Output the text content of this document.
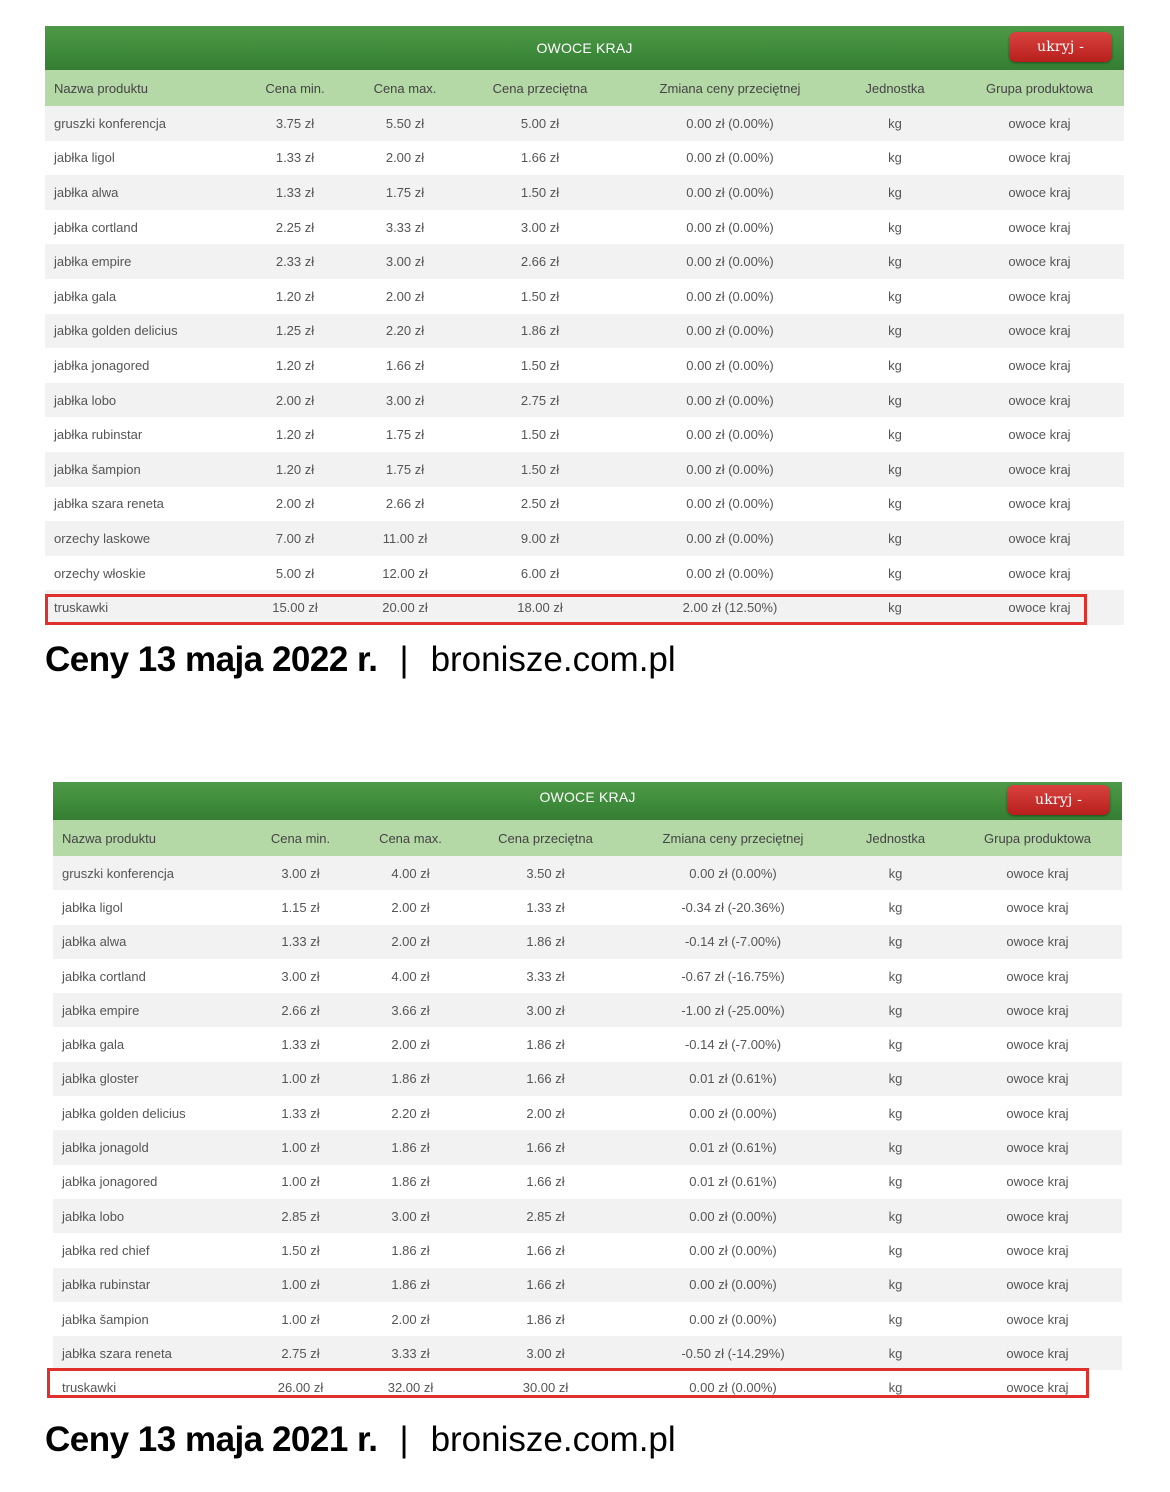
OWOCE KRAJ	ukryj -
Nazwa produktu	Cena min.	Cena max.	Cena przeciętna	Zmiana ceny przeciętnej	Jednostka	Grupa produktowa
gruszki konferencja	3.75 zł	5.50 zł	5.00 zł	0.00 zł (0.00%)	kg	owoce kraj
jabłka ligol	1.33 zł	2.00 zł	1.66 zł	0.00 zł (0.00%)	kg	owoce kraj
jabłka alwa	1.33 zł	1.75 zł	1.50 zł	0.00 zł (0.00%)	kg	owoce kraj
jabłka cortland	2.25 zł	3.33 zł	3.00 zł	0.00 zł (0.00%)	kg	owoce kraj
jabłka empire	2.33 zł	3.00 zł	2.66 zł	0.00 zł (0.00%)	kg	owoce kraj
jabłka gala	1.20 zł	2.00 zł	1.50 zł	0.00 zł (0.00%)	kg	owoce kraj
jabłka golden delicius	1.25 zł	2.20 zł	1.86 zł	0.00 zł (0.00%)	kg	owoce kraj
jabłka jonagored	1.20 zł	1.66 zł	1.50 zł	0.00 zł (0.00%)	kg	owoce kraj
jabłka lobo	2.00 zł	3.00 zł	2.75 zł	0.00 zł (0.00%)	kg	owoce kraj
jabłka rubinstar	1.20 zł	1.75 zł	1.50 zł	0.00 zł (0.00%)	kg	owoce kraj
jabłka šampion	1.20 zł	1.75 zł	1.50 zł	0.00 zł (0.00%)	kg	owoce kraj
jabłka szara reneta	2.00 zł	2.66 zł	2.50 zł	0.00 zł (0.00%)	kg	owoce kraj
orzechy laskowe	7.00 zł	11.00 zł	9.00 zł	0.00 zł (0.00%)	kg	owoce kraj
orzechy włoskie	5.00 zł	12.00 zł	6.00 zł	0.00 zł (0.00%)	kg	owoce kraj
truskawki	15.00 zł	20.00 zł	18.00 zł	2.00 zł (12.50%)	kg	owoce kraj
Ceny 13 maja 2022 r. | bronisze.com.pl
OWOCE KRAJ	ukryj -
Nazwa produktu	Cena min.	Cena max.	Cena przeciętna	Zmiana ceny przeciętnej	Jednostka	Grupa produktowa
gruszki konferencja	3.00 zł	4.00 zł	3.50 zł	0.00 zł (0.00%)	kg	owoce kraj
jabłka ligol	1.15 zł	2.00 zł	1.33 zł	-0.34 zł (-20.36%)	kg	owoce kraj
jabłka alwa	1.33 zł	2.00 zł	1.86 zł	-0.14 zł (-7.00%)	kg	owoce kraj
jabłka cortland	3.00 zł	4.00 zł	3.33 zł	-0.67 zł (-16.75%)	kg	owoce kraj
jabłka empire	2.66 zł	3.66 zł	3.00 zł	-1.00 zł (-25.00%)	kg	owoce kraj
jabłka gala	1.33 zł	2.00 zł	1.86 zł	-0.14 zł (-7.00%)	kg	owoce kraj
jabłka gloster	1.00 zł	1.86 zł	1.66 zł	0.01 zł (0.61%)	kg	owoce kraj
jabłka golden delicius	1.33 zł	2.20 zł	2.00 zł	0.00 zł (0.00%)	kg	owoce kraj
jabłka jonagold	1.00 zł	1.86 zł	1.66 zł	0.01 zł (0.61%)	kg	owoce kraj
jabłka jonagored	1.00 zł	1.86 zł	1.66 zł	0.01 zł (0.61%)	kg	owoce kraj
jabłka lobo	2.85 zł	3.00 zł	2.85 zł	0.00 zł (0.00%)	kg	owoce kraj
jabłka red chief	1.50 zł	1.86 zł	1.66 zł	0.00 zł (0.00%)	kg	owoce kraj
jabłka rubinstar	1.00 zł	1.86 zł	1.66 zł	0.00 zł (0.00%)	kg	owoce kraj
jabłka šampion	1.00 zł	2.00 zł	1.86 zł	0.00 zł (0.00%)	kg	owoce kraj
jabłka szara reneta	2.75 zł	3.33 zł	3.00 zł	-0.50 zł (-14.29%)	kg	owoce kraj
truskawki	26.00 zł	32.00 zł	30.00 zł	0.00 zł (0.00%)	kg	owoce kraj
Ceny 13 maja 2021 r. | bronisze.com.pl
